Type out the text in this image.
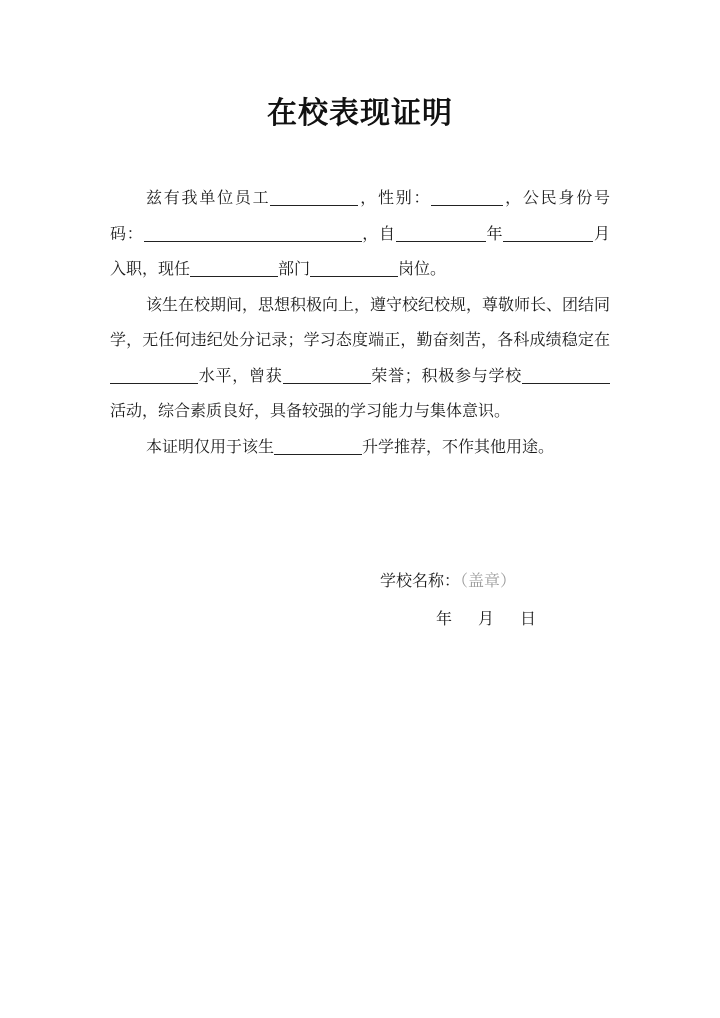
在校表现证明

兹有我单位员工	，性别：	，公民身份号码：	，自	年	月入职，现任	部门	岗位。

该生在校期间，思想积极向上，遵守校纪校规，尊敬师长、团结同学，无任何违纪处分记录；学习态度端正，勤奋刻苦，各科成绩稳定在水平，曾获	荣誉；积极参与学校活动，综合素质良好，具备较强的学习能力与集体意识。

本证明仅用于该生	升学推荐，不作其他用途。

学校名称：（盖章）
年 月 日
